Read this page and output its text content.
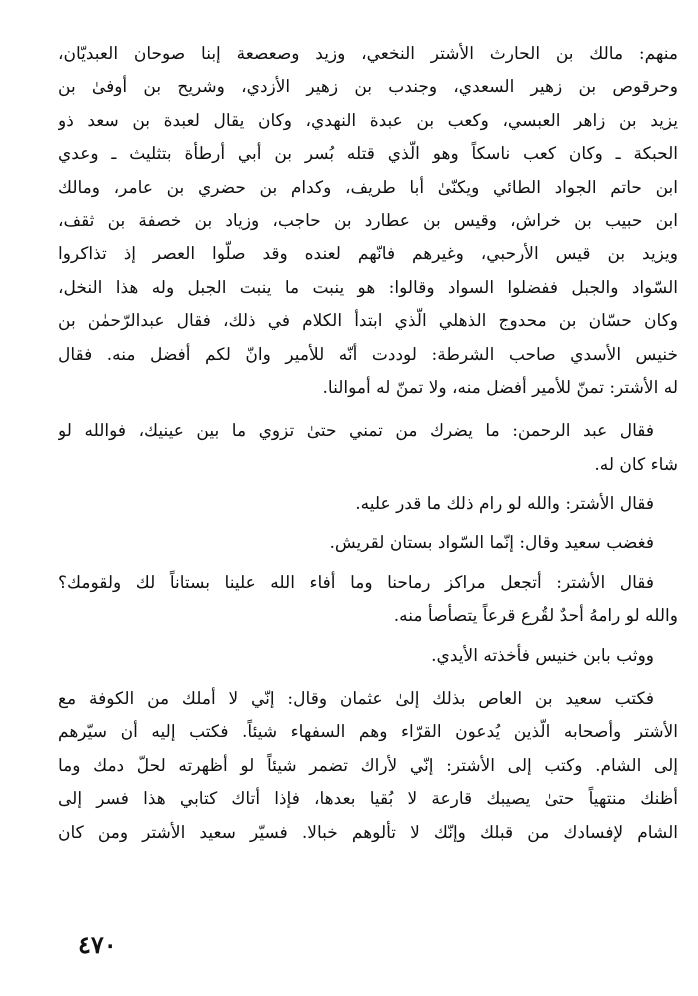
منهم: مالك بن الحارث الأشتر النخعي، وزيد وصعصعة إبنا صوحان العبديّان،
وحرقوص بن زهير السعدي، وجندب بن زهير الأزدي، وشريح بن أوفىٰ بن
يزيد بن زاهر العبسي، وكعب بن عبدة النهدي، وكان يقال لعبدة بن سعد ذو
الحبكة ـ وكان كعب ناسكاً وهو الّذي قتله بُسر بن أبي أرطأة بتثليث ـ وعدي
ابن حاتم الجواد الطائي ويكنّىٰ أبا طريف، وكدام بن حضري بن عامر، ومالك
ابن حبيب بن خراش، وقيس بن عطارد بن حاجب، وزياد بن خصفة بن ثقف،
ويزيد بن قيس الأرحبي، وغيرهم فانّهم لعنده وقد صلّوا العصر إذ تذاكروا
السّواد والجبل ففضلوا السواد وقالوا: هو ينبت ما ينبت الجبل وله هذا النخل،
وكان حسّان بن محدوج الذهلي الّذي ابتدأ الكلام في ذلك، فقال عبدالرّحمٰن بن
خنيس الأسدي صاحب الشرطة: لوددت أنّه للأمير وانّ لكم أفضل منه. فقال
له الأشتر: تمنّ للأمير أفضل منه، ولا تمنّ له أموالنا.
فقال عبد الرحمن: ما يضرك من تمني حتىٰ تزوي ما بين عينيك، فوالله لو
شاء كان له.
فقال الأشتر: والله لو رام ذلك ما قدر عليه.
فغضب سعيد وقال: إنّما السّواد بستان لقريش.
فقال الأشتر: أتجعل مراكز رماحنا وما أفاء الله علينا بستاناً لك ولقومك؟
والله لو رامهُ أحدٌ لقُرع قرعاً يتصأصأ منه.
ووثب بابن خنيس فأخذته الأيدي.
فكتب سعيد بن العاص بذلك إلىٰ عثمان وقال: إنّي لا أملك من الكوفة مع
الأشتر وأصحابه الّذين يُدعون القرّاء وهم السفهاء شيئاً. فكتب إليه أن سيّرهم
إلى الشام. وكتب إلى الأشتر: إنّي لأراك تضمر شيئاً لو أظهرته لحلّ دمك وما
أظنك منتهياً حتىٰ يصيبك قارعة لا بُقيا بعدها، فإذا أتاك كتابي هذا فسر إلى
الشام لإفسادك من قبلك وإنّك لا تألوهم خبالا. فسيّر سعيد الأشتر ومن كان
٤٧٠
